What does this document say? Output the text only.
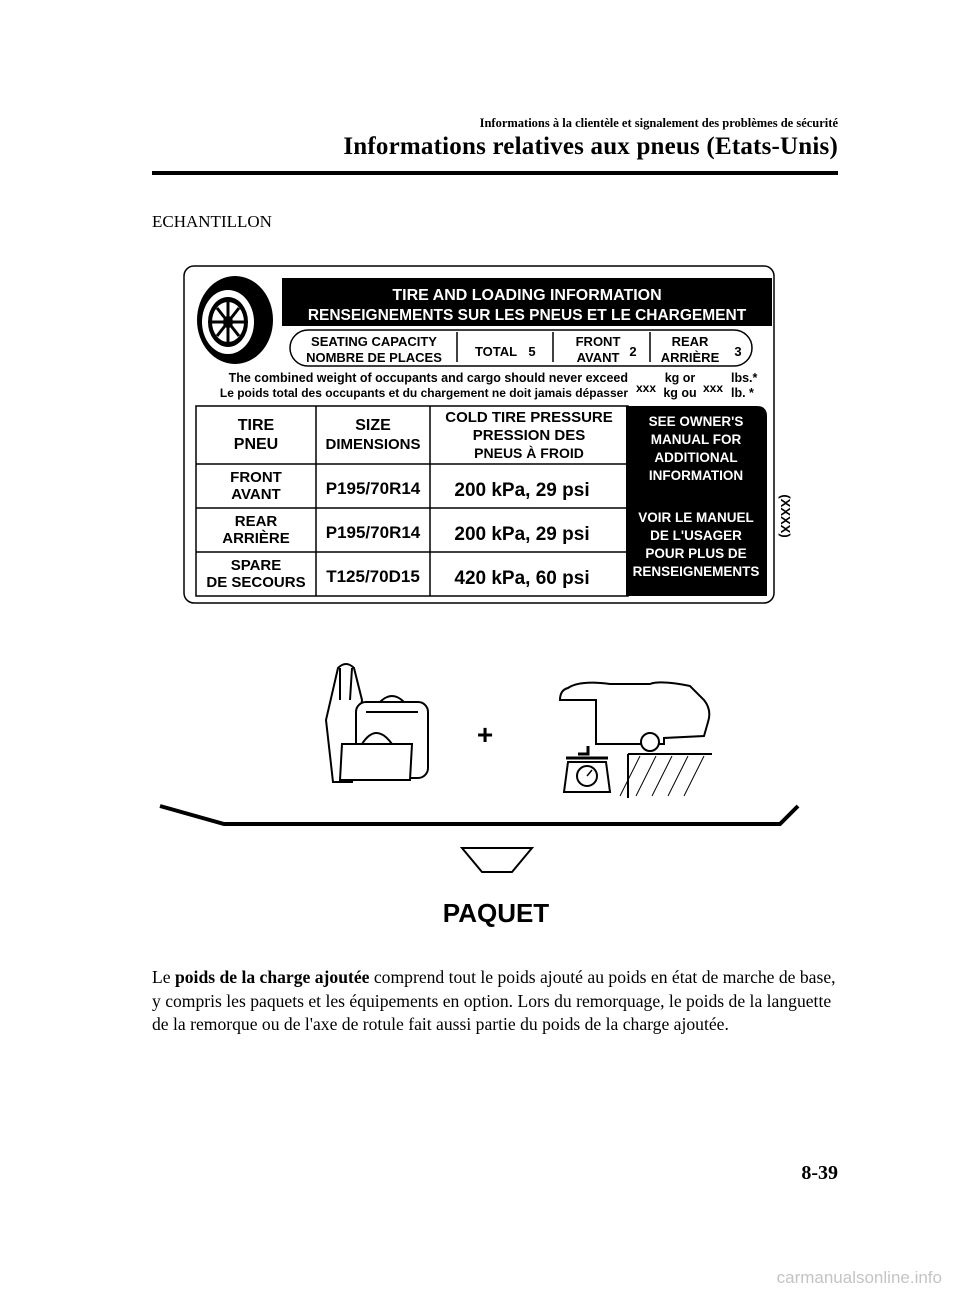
Informations à la clientèle et signalement des problèmes de sécurité
Informations relatives aux pneus (Etats-Unis)
ECHANTILLON
TIRE AND LOADING INFORMATION
RENSEIGNEMENTS SUR LES PNEUS ET LE CHARGEMENT
SEATING CAPACITY
NOMBRE DE PLACES	TOTAL 5
FRONT
AVANT 2
REAR
ARRIÈRE 3
The combined weight of occupants and cargo should never exceed
Le poids total des occupants et du chargement ne doit jamais dépasser xxx
kg or
kg ou xxx
lbs.*
lb. *
TIRE
PNEU
SIZE
DIMENSIONS
COLD TIRE PRESSURE
PRESSION DES
PNEUS À FROID
FRONT
AVANT	P195/70R14 200 kPa, 29 psi
REAR
ARRIÈRE P195/70R14 200 kPa, 29 psi
SPARE
DE SECOURS T125/70D15 420 kPa, 60 psi
SEE OWNER'S
MANUAL FOR
ADDITIONAL
INFORMATION
VOIR LE MANUEL
DE L'USAGER
POUR PLUS DE
RENSEIGNEMENTS
(XXXX)
+
PAQUET
Le poids de la charge ajoutée comprend tout le poids ajouté au poids en état de marche de base, y compris les paquets et les équipements en option. Lors du remorquage, le poids de la languette de la remorque ou de l'axe de rotule fait aussi partie du poids de la charge ajoutée.
8-39
carmanualsonline.info
